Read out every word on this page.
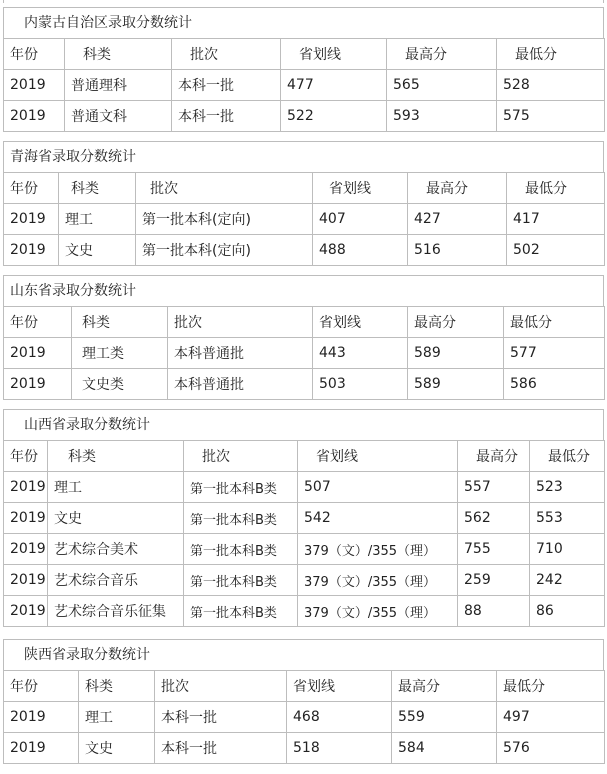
内蒙古自治区录取分数统计
年份	科类	批次	省划线	最高分	最低分
2019	普通理科	本科一批	477	565	528
2019	普通文科	本科一批	522	593	575
青海省录取分数统计
年份	科类	批次	省划线	最高分	最低分
2019	理工	第一批本科(定向)	407	427	417
2019	文史	第一批本科(定向)	488	516	502
山东省录取分数统计
年份	科类	批次	省划线	最高分	最低分
2019	理工类	本科普通批	443	589	577
2019	文史类	本科普通批	503	589	586
山西省录取分数统计
年份	科类	批次	省划线	最高分	最低分
2019	理工	第一批本科B类	507	557	523
2019	文史	第一批本科B类	542	562	553
2019	艺术综合美术	第一批本科B类	379（文）/355（理）	755	710
2019	艺术综合音乐	第一批本科B类	379（文）/355（理）	259	242
2019	艺术综合音乐征集	第一批本科B类	379（文）/355（理）	88	86
陕西省录取分数统计
年份	科类	批次	省划线	最高分	最低分
2019	理工	本科一批	468	559	497
2019	文史	本科一批	518	584	576
